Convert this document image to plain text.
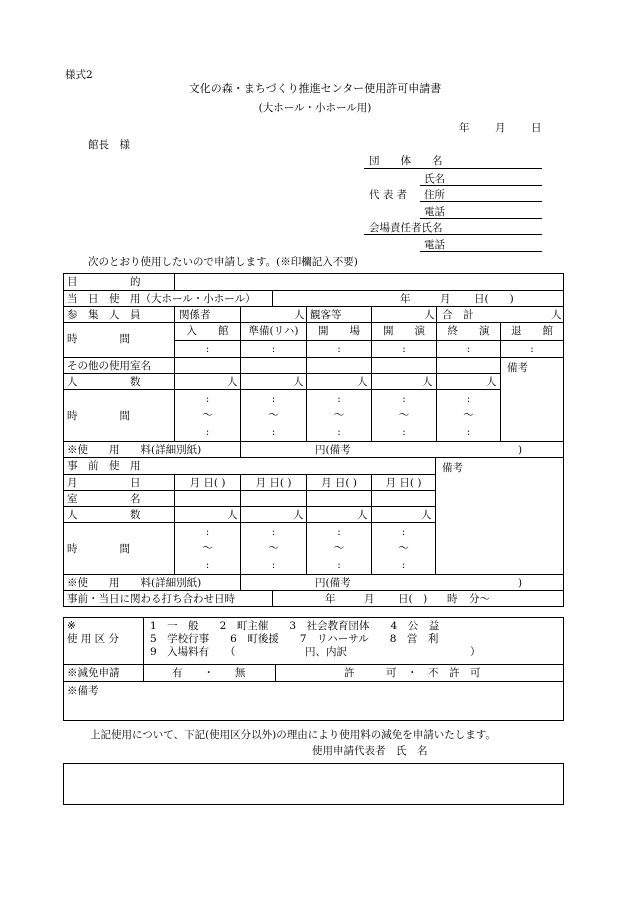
様式2
文化の森・まちづくり推進センター使用許可申請書
(大ホール・小ホール用)
年 月 日
館長　様
団　　体　　名
氏名
代 表 者 住所
電話
会場責任者氏名
電話
次のとおり使用したいので申請します。(※印欄記入不要)
目　　　　　的
当　日　使　用（大ホール・小ホール）	年	月 日(　　)
参　集　人　員	関係者	人 観客等	人 合　計	人
時　　　　間
入　　館	準備(リハ)	開　　場	開　　演	終　　演	退　　館
:	:	:	:	:	:
その他の使用室名	備考
人　　　　　数	人	人	人	人	人
時　　　　間
:	:	:	:	:
〜	〜	〜	〜	〜
:	:	:	:	:
※使　　用　　料(詳細別紙)	円(備考	)
事　前　使　用	備考
月　　　　　日	月 日( )	月 日( )	月 日( )	月 日( )
室　　　　　名
人　　　　　数	人	人	人	人
時　　　　間
:	:	:	:
〜	〜	〜	〜
:	:	:	:
※使　　用　　料(詳細別紙)	円(備考	)
事前・当日に関わる打ち合わせ日時	年	月 日(　) 時 分〜
※
使 用 区 分
1　一　般　　2　町主催　　3　社会教育団体　　4　公　益
5　学校行事　　6　町後援　　7　リハーサル　　8　営　利
9　入場料有　　（	円、内訳	）
※減免申請	有　　・　　無	許　　　可　・　不　許　可
※備考
上記使用について、下記(使用区分以外)の理由により使用料の減免を申請いたします。
使用申請代表者　氏　名
